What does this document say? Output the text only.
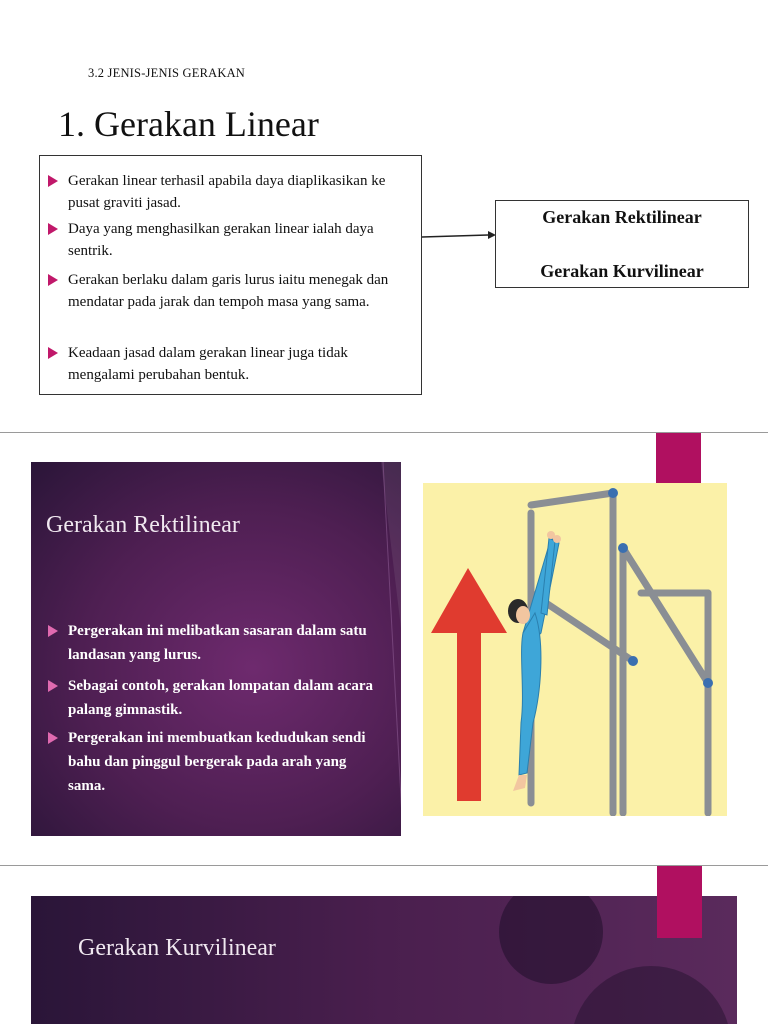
3.2 JENIS-JENIS GERAKAN
1. Gerakan Linear
Gerakan linear terhasil apabila daya diaplikasikan ke pusat graviti jasad.
Daya yang menghasilkan gerakan linear ialah daya sentrik.
Gerakan berlaku dalam garis lurus iaitu menegak dan mendatar pada jarak dan tempoh masa yang sama.
Keadaan jasad dalam gerakan linear juga tidak mengalami perubahan bentuk.
Gerakan Rektilinear
Gerakan Kurvilinear
Gerakan Rektilinear
Pergerakan ini melibatkan sasaran dalam satu landasan yang lurus.
Sebagai contoh, gerakan lompatan dalam acara palang gimnastik.
Pergerakan ini membuatkan kedudukan sendi bahu dan pinggul bergerak pada arah yang sama.
Gerakan Kurvilinear
